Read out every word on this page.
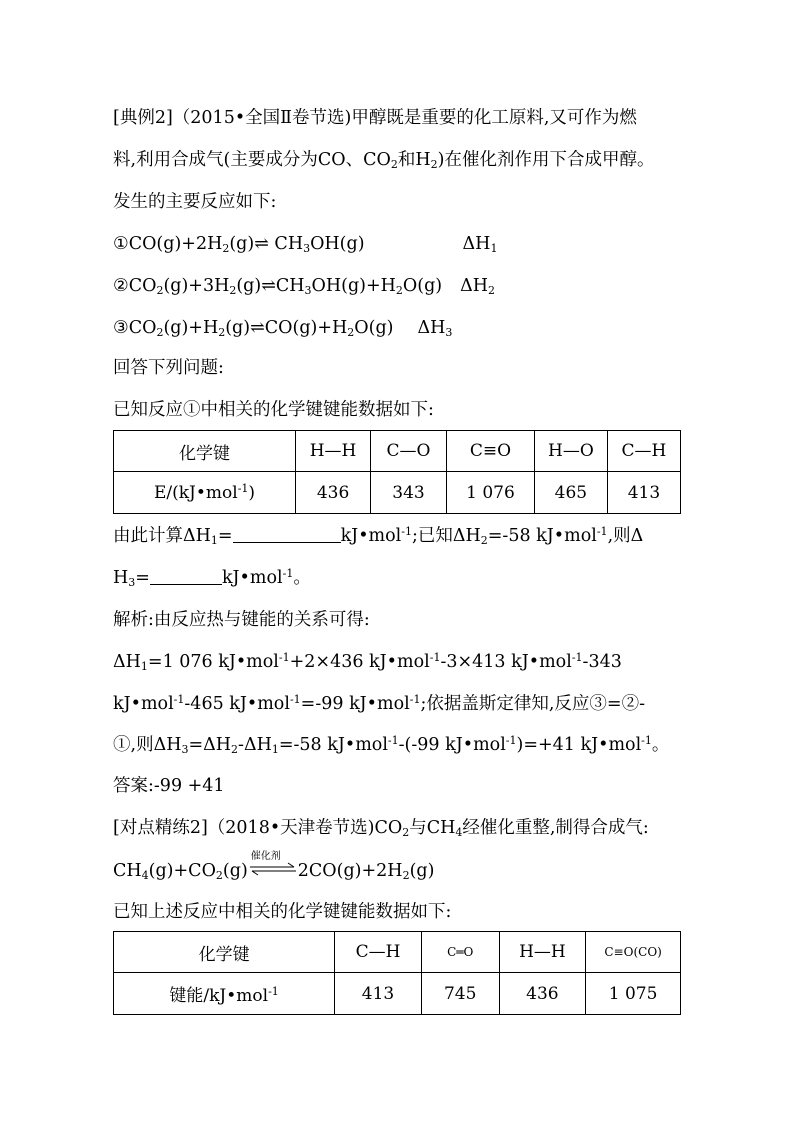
[典例2]（2015•全国Ⅱ卷节选)甲醇既是重要的化工原料,又可作为燃
料,利用合成气(主要成分为CO、$CO_2$和$H_2$)在催化剂作用下合成甲醇。
发生的主要反应如下:
$①CO(g)+2H_2(g)\rightleftharpoons$ $CH_3OH(g)$	$\Delta H_1$
$②CO_2(g)+3H_2(g)\rightleftharpoons CH_3OH(g)+H_2O(g)$ $\Delta H_2$
$③CO_2(g)+H_2(g)\rightleftharpoons CO(g)+H_2O(g)$ $\Delta H_3$
回答下列问题:
已知反应①中相关的化学键键能数据如下:
化学键	H—H	C—O	C≡O	H—O	C—H
E/(kJ•mol$^{-1}$)	436	343	1 076	465	413
由此计算$\Delta H_1=$	kJ•mol$^{-1}$;已知$\Delta H_2=-58$ kJ•mol$^{-1}$,则Δ
$H_3=$	kJ•mol$^{-1}$。
解析:由反应热与键能的关系可得:
$\Delta H_1=1$ 076 kJ•mol$^{-1}$+2×436 kJ•mol$^{-1}$-3×413 kJ•mol$^{-1}$-343
kJ•mol$^{-1}$-465 kJ•mol$^{-1}$=-99 kJ•mol$^{-1}$;依据盖斯定律知,反应③=②-
①,则$\Delta H_3=\Delta H_2-\Delta H_1=-58$ kJ•mol$^{-1}$-(-99 kJ•mol$^{-1}$)=+41 kJ•mol$^{-1}$。
答案:-99 +41
[对点精练2]（2018•天津卷节选)$CO_2$与$CH_4$经催化重整,制得合成气:
$CH_4(g)+CO_2(g)$
催化剂
$2CO(g)+2H_2(g)$
已知上述反应中相关的化学键键能数据如下:
化学键	C—H	C═O	H—H	C≡O(CO)
键能/kJ•mol$^{-1}$	413	745	436	1 075
